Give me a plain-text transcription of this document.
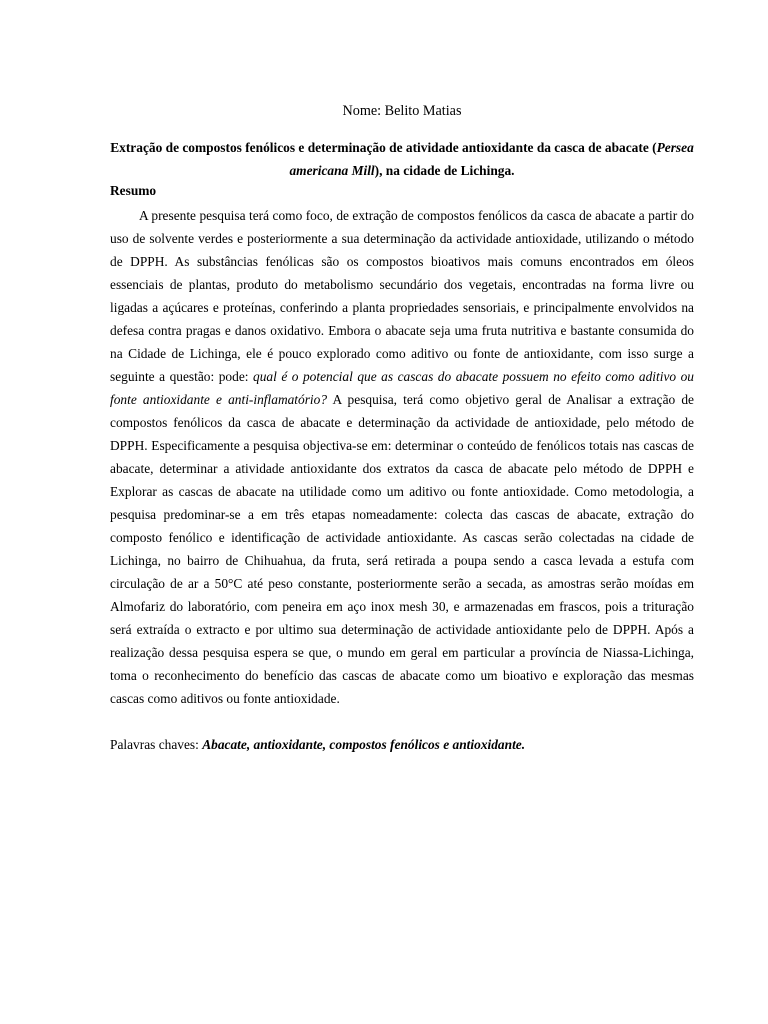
Nome: Belito Matias
Extração de compostos fenólicos e determinação de atividade antioxidante da casca de abacate (Persea americana Mill), na cidade de Lichinga.
Resumo

A presente pesquisa terá como foco, de extração de compostos fenólicos da casca de abacate a partir do uso de solvente verdes e posteriormente a sua determinação da actividade antioxidade, utilizando o método de DPPH. As substâncias fenólicas são os compostos bioativos mais comuns encontrados em óleos essenciais de plantas, produto do metabolismo secundário dos vegetais, encontradas na forma livre ou ligadas a açúcares e proteínas, conferindo a planta propriedades sensoriais, e principalmente envolvidos na defesa contra pragas e danos oxidativo. Embora o abacate seja uma fruta nutritiva e bastante consumida do na Cidade de Lichinga, ele é pouco explorado como aditivo ou fonte de antioxidante, com isso surge a seguinte a questão: pode: qual é o potencial que as cascas do abacate possuem no efeito como aditivo ou fonte antioxidante e anti-inflamatório? A pesquisa, terá como objetivo geral de Analisar a extração de compostos fenólicos da casca de abacate e determinação da actividade de antioxidade, pelo método de DPPH. Especificamente a pesquisa objectiva-se em: determinar o conteúdo de fenólicos totais nas cascas de abacate, determinar a atividade antioxidante dos extratos da casca de abacate pelo método de DPPH e Explorar as cascas de abacate na utilidade como um aditivo ou fonte antioxidade. Como metodologia, a pesquisa predominar-se a em três etapas nomeadamente: colecta das cascas de abacate, extração do composto fenólico e identificação de actividade antioxidante. As cascas serão colectadas na cidade de Lichinga, no bairro de Chihuahua, da fruta, será retirada a poupa sendo a casca levada a estufa com circulação de ar a 50°C até peso constante, posteriormente serão a secada, as amostras serão moídas em Almofariz do laboratório, com peneira em aço inox mesh 30, e armazenadas em frascos, pois a trituração será extraída o extracto e por ultimo sua determinação de actividade antioxidante pelo de DPPH. Após a realização dessa pesquisa espera se que, o mundo em geral em particular a província de Niassa-Lichinga, toma o reconhecimento do benefício das cascas de abacate como um bioativo e exploração das mesmas cascas como aditivos ou fonte antioxidade.

Palavras chaves: Abacate, antioxidante, compostos fenólicos e antioxidante.
